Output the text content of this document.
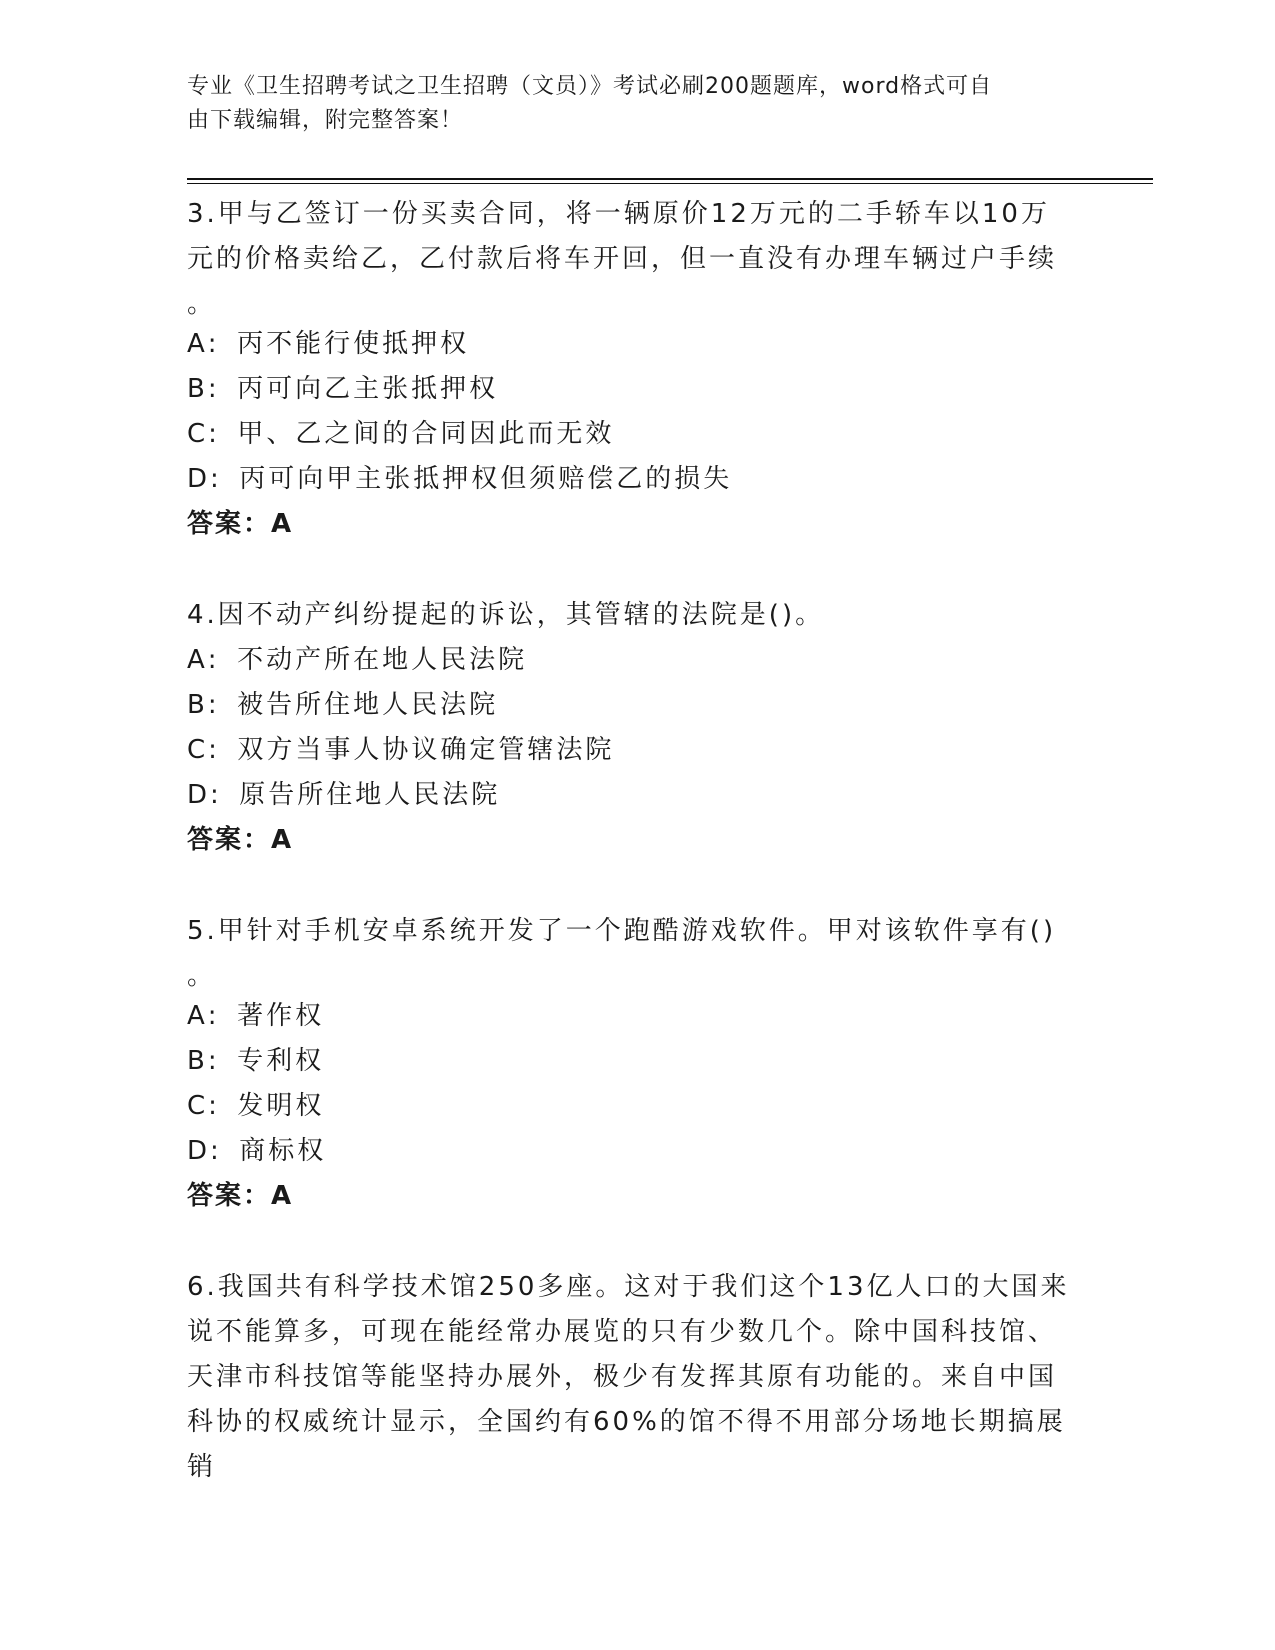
专业《卫生招聘考试之卫生招聘（文员）》考试必刷200题题库，word格式可自
由下载编辑，附完整答案！

3.甲与乙签订一份买卖合同，将一辆原价12万元的二手轿车以10万

元的价格卖给乙，乙付款后将车开回，但一直没有办理车辆过户手续

。

A: 丙不能行使抵押权

B: 丙可向乙主张抵押权

C: 甲、乙之间的合同因此而无效

D: 丙可向甲主张抵押权但须赔偿乙的损失

答案：A

4.因不动产纠纷提起的诉讼，其管辖的法院是()。

A: 不动产所在地人民法院

B: 被告所住地人民法院

C: 双方当事人协议确定管辖法院

D: 原告所住地人民法院

答案：A

5.甲针对手机安卓系统开发了一个跑酷游戏软件。甲对该软件享有()

。

A: 著作权

B: 专利权

C: 发明权

D: 商标权

答案：A

6.我国共有科学技术馆250多座。这对于我们这个13亿人口的大国来

说不能算多，可现在能经常办展览的只有少数几个。除中国科技馆、

天津市科技馆等能坚持办展外，极少有发挥其原有功能的。来自中国

科协的权威统计显示，全国约有60%的馆不得不用部分场地长期搞展销
